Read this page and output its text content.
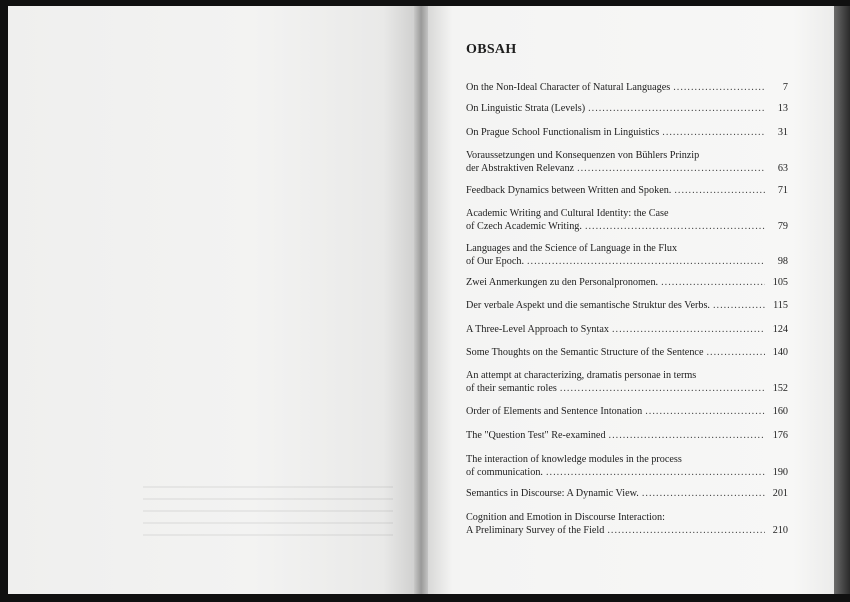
OBSAH
On the Non-Ideal Character of Natural Languages .....	7
On Linguistic Strata (Levels) .....	13
On Prague School Functionalism in Linguistics .....	31
Voraussetzungen und Konsequenzen von Bühlers Prinzip
der Abstraktiven Relevanz .....	63
Feedback Dynamics between Written and Spoken. .....	71
Academic Writing and Cultural Identity: the Case
of Czech Academic Writing. .....	79
Languages and the Science of Language in the Flux
of Our Epoch. .....	98
Zwei Anmerkungen zu den Personalpronomen. .....	105
Der verbale Aspekt und die semantische Struktur des Verbs. .....	115
A Three-Level Approach to Syntax .....	124
Some Thoughts on the Semantic Structure of the Sentence .....	140
An attempt at characterizing, dramatis personae in terms
of their semantic roles .....	152
Order of Elements and Sentence Intonation .....	160
The "Question Test" Re-examined .....	176
The interaction of knowledge modules in the process
of communication. .....	190
Semantics in Discourse: A Dynamic View. .....	201
Cognition and Emotion in Discourse Interaction:
A Preliminary Survey of the Field .....	210
